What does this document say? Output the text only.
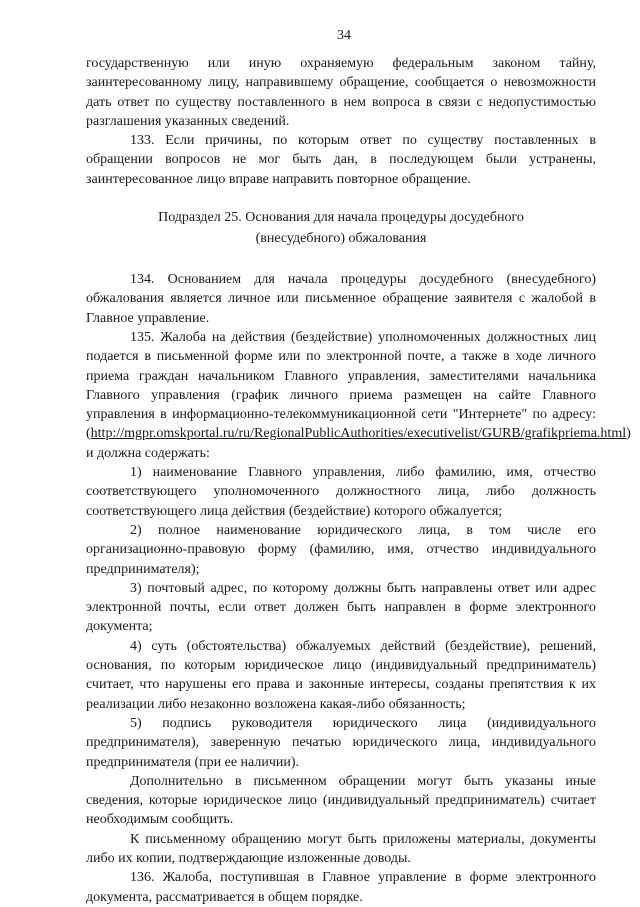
34

государственную или иную охраняемую федеральным законом тайну, заинтересованному лицу, направившему обращение, сообщается о невозможности дать ответ по существу поставленного в нем вопроса в связи с недопустимостью разглашения указанных сведений.

133. Если причины, по которым ответ по существу поставленных в обращении вопросов не мог быть дан, в последующем были устранены, заинтересованное лицо вправе направить повторное обращение.

Подраздел 25. Основания для начала процедуры досудебного
(внесудебного) обжалования

134. Основанием для начала процедуры досудебного (внесудебного) обжалования является личное или письменное обращение заявителя с жалобой в Главное управление.

135. Жалоба на действия (бездействие) уполномоченных должностных лиц подается в письменной форме или по электронной почте, а также в ходе личного приема граждан начальником Главного управления, заместителями начальника Главного управления (график личного приема размещен на сайте Главного управления в информационно-телекоммуникационной сети "Интернете" по адресу: (http://mgpr.omskportal.ru/ru/RegionalPublicAuthorities/executivelist/GURB/grafikpriema.html) и должна содержать:

1) наименование Главного управления, либо фамилию, имя, отчество соответствующего уполномоченного должностного лица, либо должность соответствующего лица действия (бездействие) которого обжалуется;

2) полное наименование юридического лица, в том числе его организационно-правовую форму (фамилию, имя, отчество индивидуального предпринимателя);

3) почтовый адрес, по которому должны быть направлены ответ или адрес электронной почты, если ответ должен быть направлен в форме электронного документа;

4) суть (обстоятельства) обжалуемых действий (бездействие), решений, основания, по которым юридическое лицо (индивидуальный предприниматель) считает, что нарушены его права и законные интересы, созданы препятствия к их реализации либо незаконно возложена какая-либо обязанность;

5) подпись руководителя юридического лица (индивидуального предпринимателя), заверенную печатью юридического лица, индивидуального предпринимателя (при ее наличии).

Дополнительно в письменном обращении могут быть указаны иные сведения, которые юридическое лицо (индивидуальный предприниматель) считает необходимым сообщить.

К письменному обращению могут быть приложены материалы, документы либо их копии, подтверждающие изложенные доводы.

136. Жалоба, поступившая в Главное управление в форме электронного документа, рассматривается в общем порядке.
